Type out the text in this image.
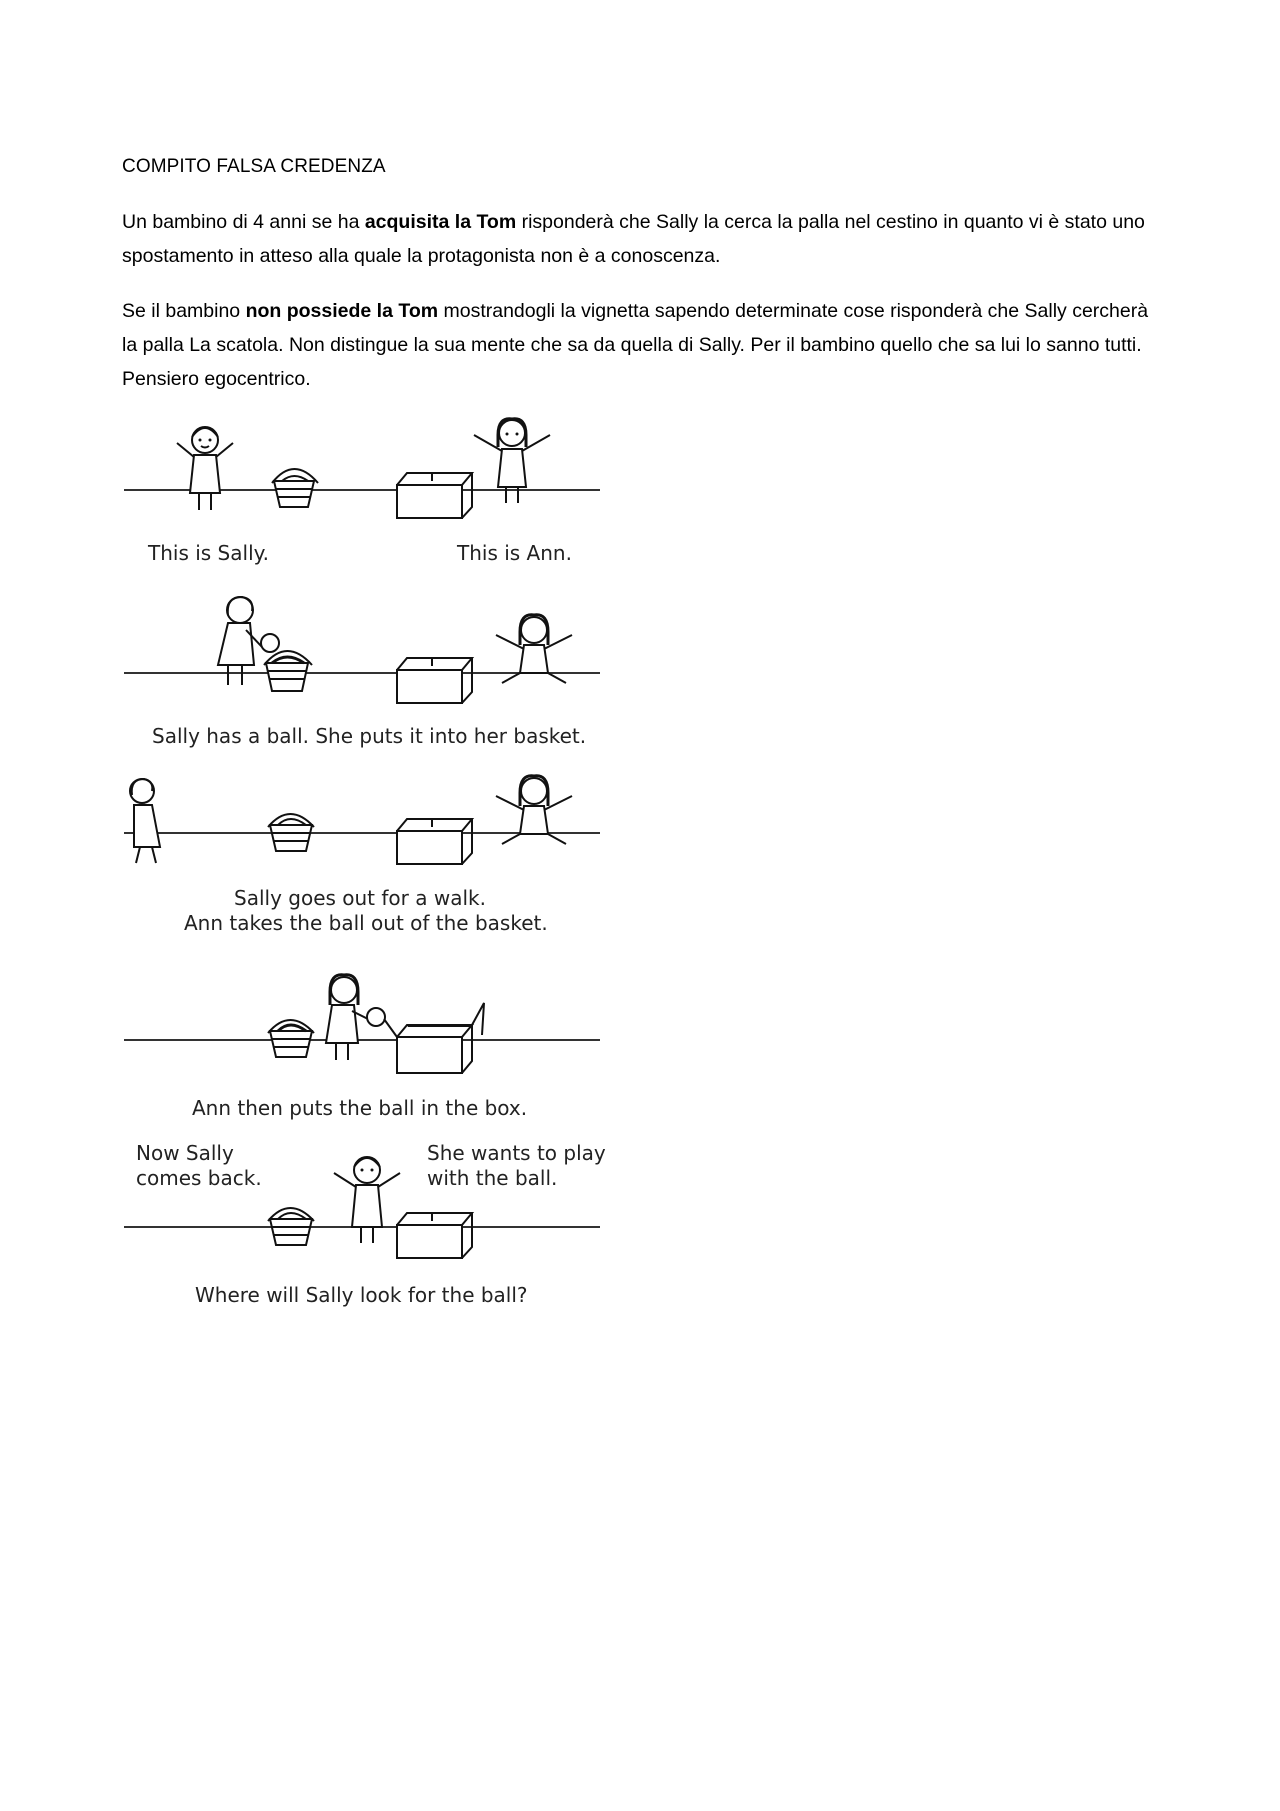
COMPITO FALSA CREDENZA

Un bambino di 4 anni se ha acquisita la Tom risponderà che Sally la cerca la palla nel cestino in quanto vi è stato uno spostamento in atteso alla quale la protagonista non è a conoscenza.

Se il bambino non possiede la Tom mostrandogli la vignetta sapendo determinate cose risponderà che Sally cercherà la palla La scatola. Non distingue la sua mente che sa da quella di Sally. Per il bambino quello che sa lui lo sanno tutti. Pensiero egocentrico.

This is Sally.	This is Ann.
Sally has a ball. She puts it into her basket.
Sally goes out for a walk.
Ann takes the ball out of the basket.
Ann then puts the ball in the box.
Now Sally
comes back.
She wants to play
with the ball.
Where will Sally look for the ball?
